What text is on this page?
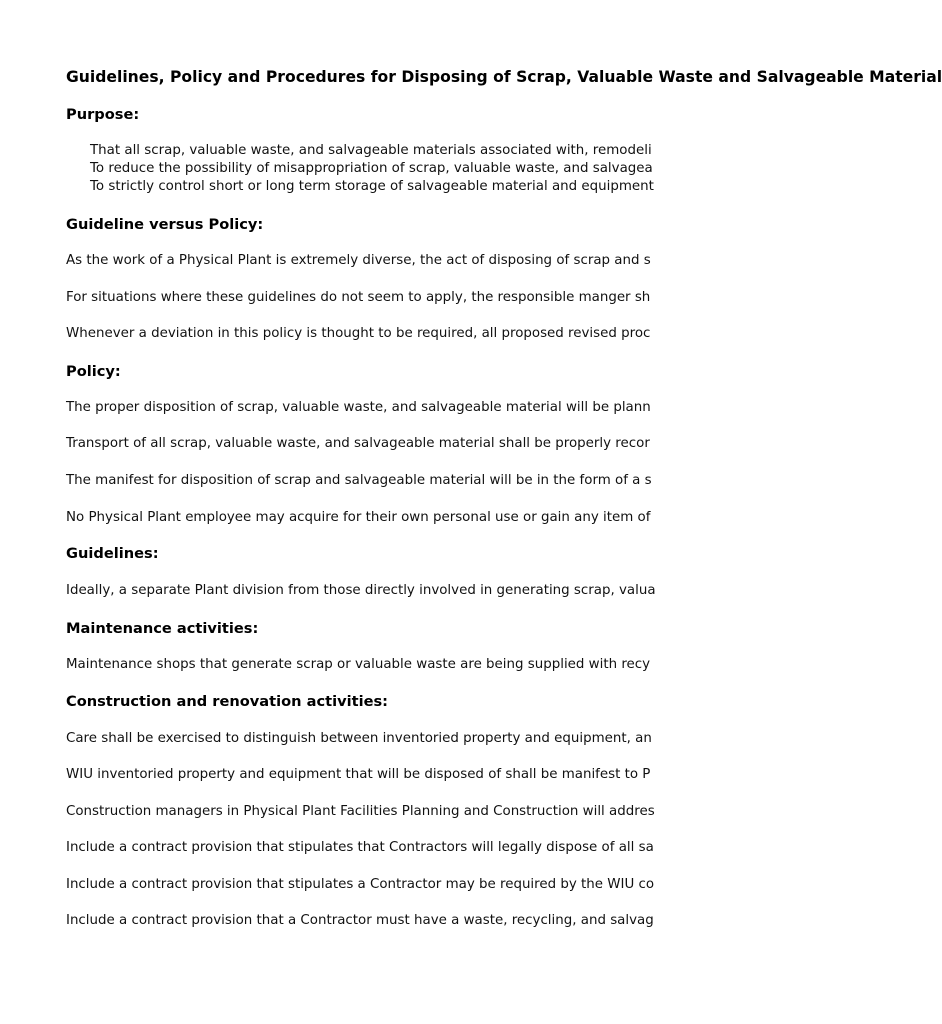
Guidelines, Policy and Procedures for Disposing of Scrap, Valuable Waste and Salvageable Material
Purpose:
That all scrap, valuable waste, and salvageable materials associated with, remodeli
To reduce the possibility of misappropriation of scrap, valuable waste, and salvagea
To strictly control short or long term storage of salvageable material and equipment
Guideline versus Policy:
As the work of a Physical Plant is extremely diverse, the act of disposing of scrap and s
For situations where these guidelines do not seem to apply, the responsible manger sh
Whenever a deviation in this policy is thought to be required, all proposed revised proc
Policy:
The proper disposition of scrap, valuable waste, and salvageable material will be plann
Transport of all scrap, valuable waste, and salvageable material shall be properly recor
The manifest for disposition of scrap and salvageable material will be in the form of a s
No Physical Plant employee may acquire for their own personal use or gain any item of
Guidelines:
Ideally, a separate Plant division from those directly involved in generating scrap, valua
Maintenance activities:
Maintenance shops that generate scrap or valuable waste are being supplied with recy
Construction and renovation activities:
Care shall be exercised to distinguish between inventoried property and equipment, an
WIU inventoried property and equipment that will be disposed of shall be manifest to P
Construction managers in Physical Plant Facilities Planning and Construction will addres
Include a contract provision that stipulates that Contractors will legally dispose of all sa
Include a contract provision that stipulates a Contractor may be required by the WIU co
Include a contract provision that a Contractor must have a waste, recycling, and salvag
